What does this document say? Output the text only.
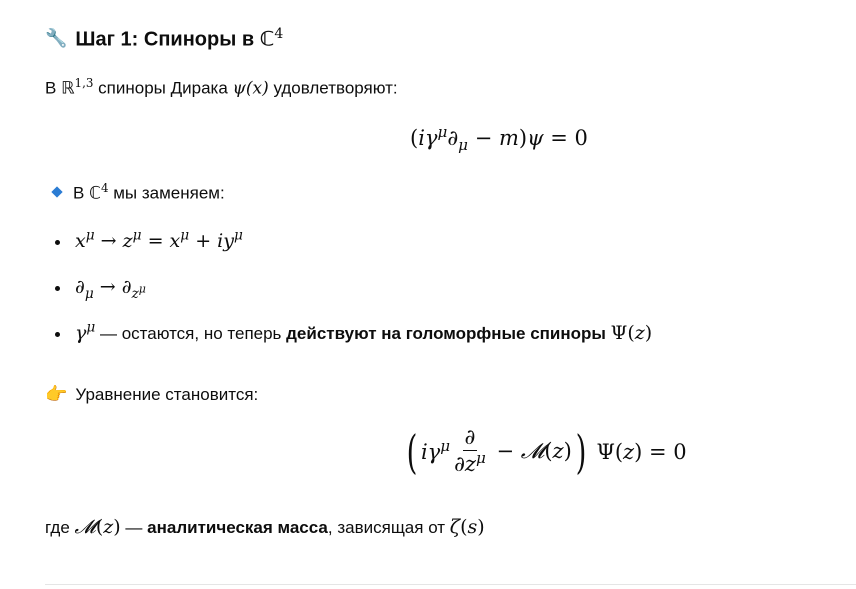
🔧 Шаг 1: Спиноры в ℂ$^4$
В ℝ$^{1,3}$ спиноры Дирака ψ(x) удовлетворяют:
$(i\gamma^\mu\partial_\mu - m)\psi = 0$
В ℂ$^4$ мы заменяем:
$x^\mu \to z^\mu = x^\mu + iy^\mu$
$\partial_\mu \to \partial_{z^\mu}$
$\gamma^\mu$ — остаются, но теперь действуют на голоморфные спиноры Ψ(z)
👉 Уравнение становится:
( $i\gamma^\mu \frac{\partial}{\partial z^\mu}$ − 𝓜(z) ) Ψ(z) = 0
где 𝓜(z) — аналитическая масса, зависящая от ζ(s)
